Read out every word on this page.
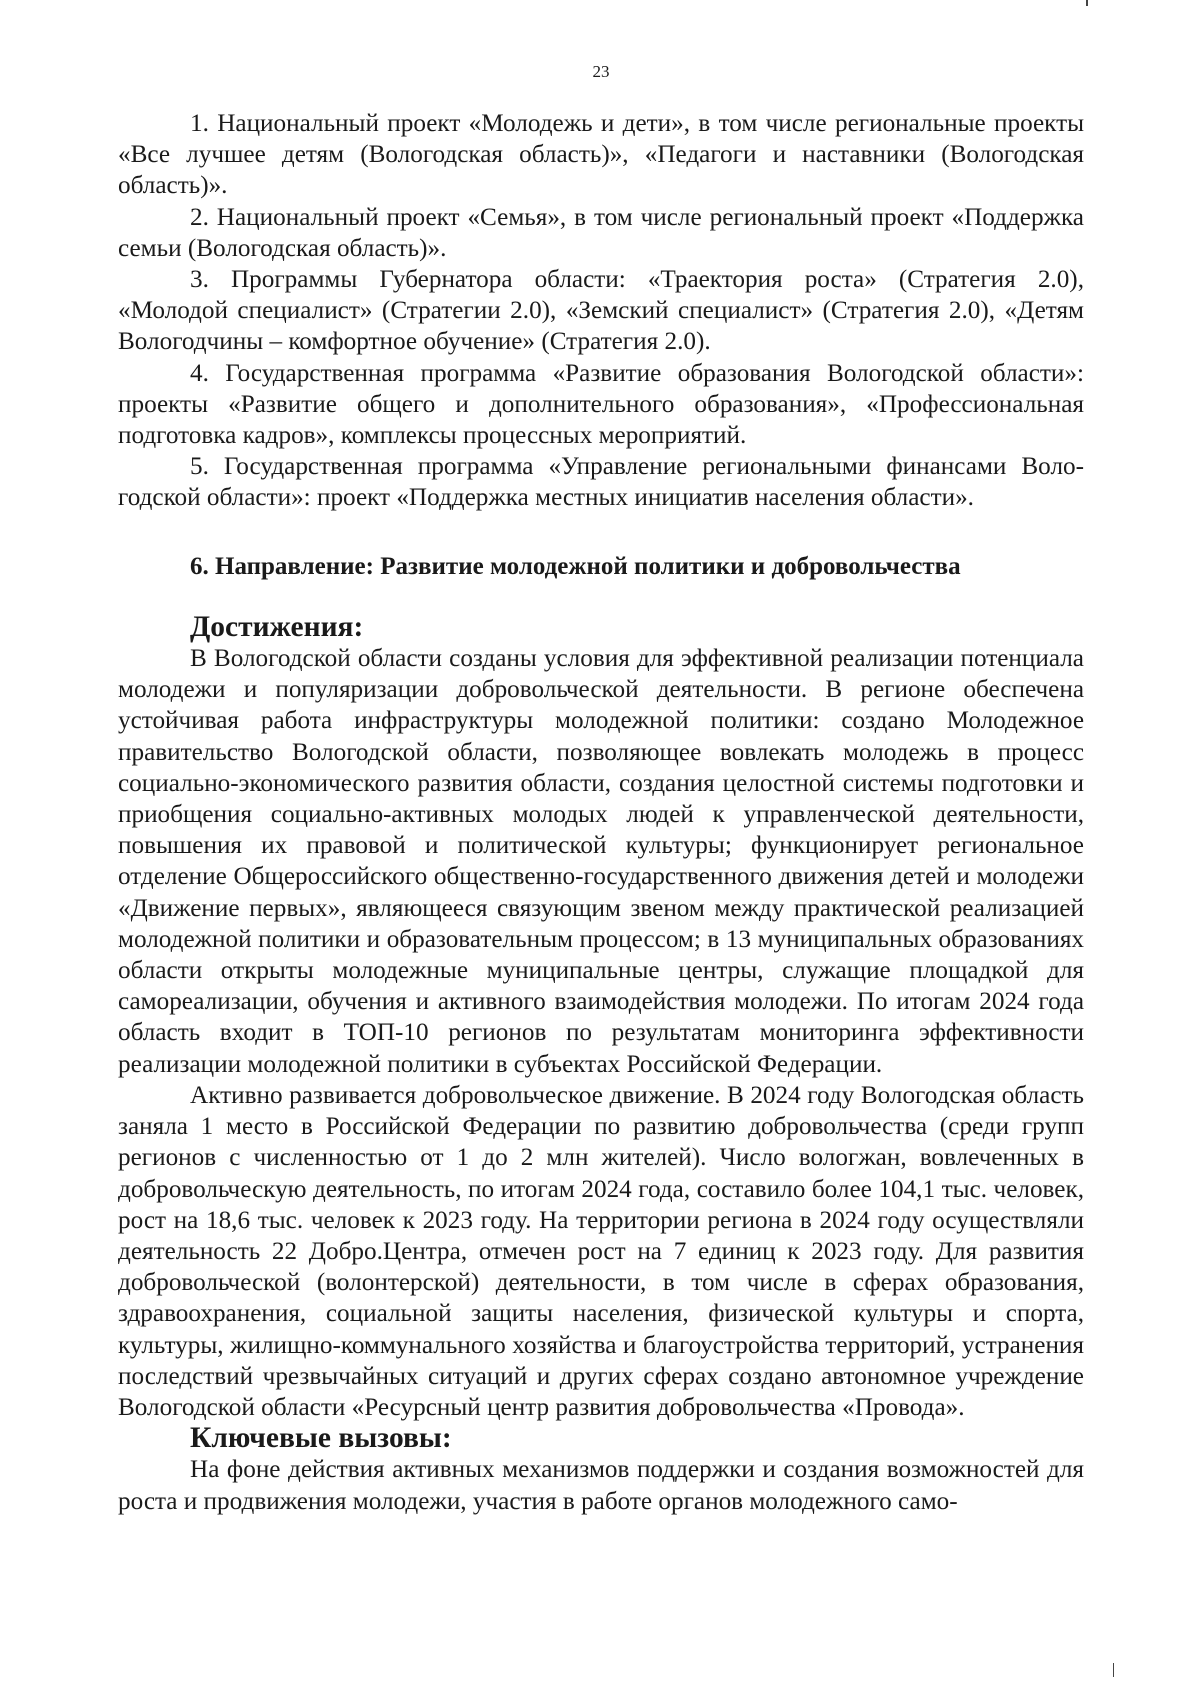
23

1. Национальный проект «Молодежь и дети», в том числе региональные проекты «Все лучшее детям (Вологодская область)», «Педагоги и наставники (Вологодская область)».

2. Национальный проект «Семья», в том числе региональный проект «Поддержка семьи (Вологодская область)».

3. Программы Губернатора области: «Траектория роста» (Стратегия 2.0), «Молодой специалист» (Стратегии 2.0), «Земский специалист» (Стратегия 2.0), «Детям Вологодчины – комфортное обучение» (Стратегия 2.0).

4. Государственная программа «Развитие образования Вологодской области»: проекты «Развитие общего и дополнительного образования», «Профессиональная подготовка кадров», комплексы процессных мероприятий.

5. Государственная программа «Управление региональными финансами Вологодской области»: проект «Поддержка местных инициатив населения области».

6. Направление: Развитие молодежной политики и добровольчества
Достижения:

В Вологодской области созданы условия для эффективной реализации потенциала молодежи и популяризации добровольческой деятельности. В регионе обеспечена устойчивая работа инфраструктуры молодежной политики: создано Молодежное правительство Вологодской области, позволяющее вовлекать молодежь в процесс социально-экономического развития области, создания целостной системы подготовки и приобщения социально-активных молодых людей к управленческой деятельности, повышения их правовой и политической культуры; функционирует региональное отделение Общероссийского общественно-государственного движения детей и молодежи «Движение первых», являющееся связующим звеном между практической реализацией молодежной политики и образовательным процессом; в 13 муниципальных образованиях области открыты молодежные муниципальные центры, служащие площадкой для самореализации, обучения и активного взаимодействия молодежи. По итогам 2024 года область входит в ТОП-10 регионов по результатам мониторинга эффективности реализации молодежной политики в субъектах Российской Федерации.

Активно развивается добровольческое движение. В 2024 году Вологодская область заняла 1 место в Российской Федерации по развитию добровольчества (среди групп регионов с численностью от 1 до 2 млн жителей). Число вологжан, вовлеченных в добровольческую деятельность, по итогам 2024 года, составило более 104,1 тыс. человек, рост на 18,6 тыс. человек к 2023 году. На территории региона в 2024 году осуществляли деятельность 22 Добро.Центра, отмечен рост на 7 единиц к 2023 году. Для развития добровольческой (волонтерской) деятельности, в том числе в сферах образования, здравоохранения, социальной защиты населения, физической культуры и спорта, культуры, жилищно-коммунального хозяйства и благоустройства территорий, устранения последствий чрезвычайных ситуаций и других сферах создано автономное учреждение Вологодской области «Ресурсный центр развития добровольчества «Провода».

Ключевые вызовы:

На фоне действия активных механизмов поддержки и создания возможностей для роста и продвижения молодежи, участия в работе органов молодежного само-
